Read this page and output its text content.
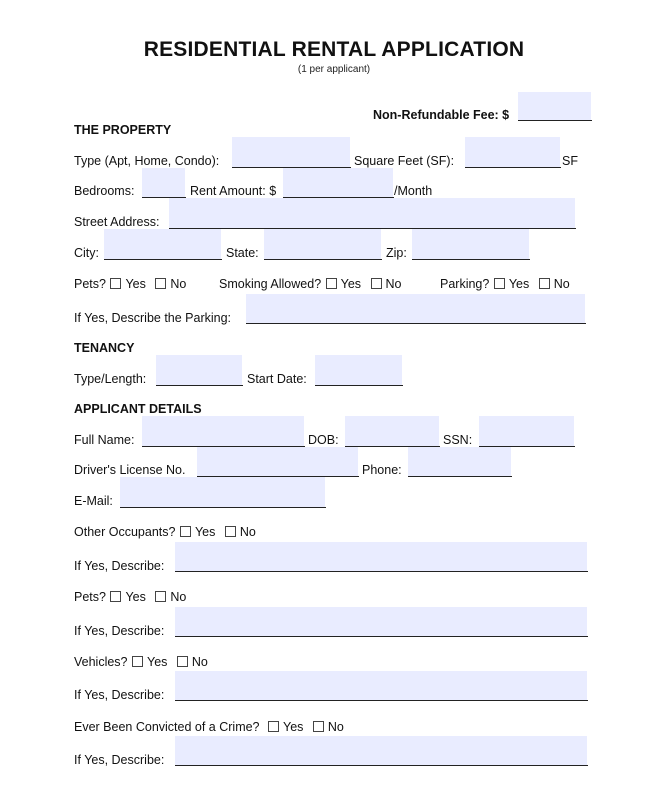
RESIDENTIAL RENTAL APPLICATION
(1 per applicant)
Non-Refundable Fee: $
THE PROPERTY
Type (Apt, Home, Condo):	Square Feet (SF):	SF
Bedrooms:	Rent Amount: $	/Month
Street Address:
City:	State:	Zip:
Pets? Yes No	Smoking Allowed? Yes No	Parking? Yes No
If Yes, Describe the Parking:
TENANCY
Type/Length:	Start Date:
APPLICANT DETAILS
Full Name:	DOB:	SSN:
Driver's License No.	Phone:
E-Mail:
Other Occupants? Yes No
If Yes, Describe:
Pets? Yes No
If Yes, Describe:
Vehicles? Yes No
If Yes, Describe:
Ever Been Convicted of a Crime? Yes No
If Yes, Describe:
